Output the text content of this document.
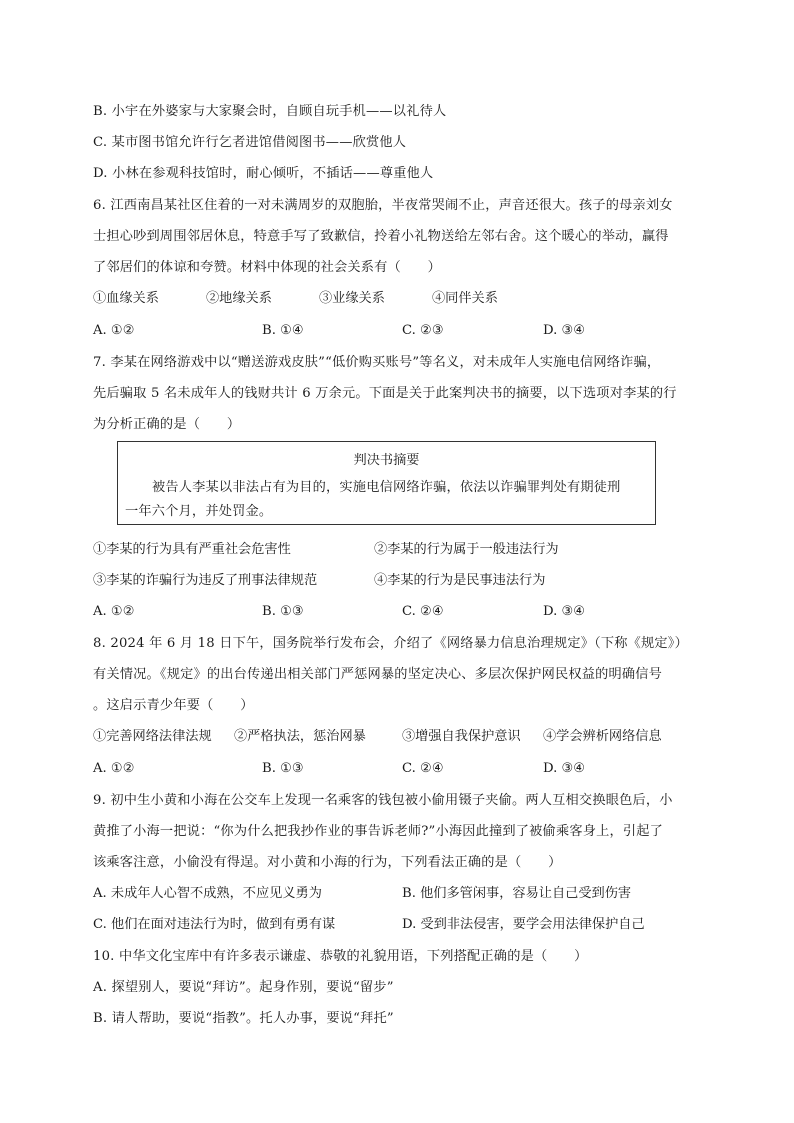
B. 小宇在外婆家与大家聚会时，自顾自玩手机——以礼待人
C. 某市图书馆允许行乞者进馆借阅图书——欣赏他人
D. 小林在参观科技馆时，耐心倾听，不插话——尊重他人
6. 江西南昌某社区住着的一对未满周岁的双胞胎，半夜常哭闹不止，声音还很大。孩子的母亲刘女
士担心吵到周围邻居休息，特意手写了致歉信，拎着小礼物送给左邻右舍。这个暖心的举动，赢得
了邻居们的体谅和夸赞。材料中体现的社会关系有（　　）
①血缘关系	②地缘关系	③业缘关系	④同伴关系
A. ①②	B. ①④	C. ②③	D. ③④
7. 李某在网络游戏中以“赠送游戏皮肤”“低价购买账号”等名义，对未成年人实施电信网络诈骗，
先后骗取 5 名未成年人的钱财共计 6 万余元。下面是关于此案判决书的摘要，以下选项对李某的行
为分析正确的是（　　）
判决书摘要
被告人李某以非法占有为目的，实施电信网络诈骗，依法以诈骗罪判处有期徒刑
一年六个月，并处罚金。
①李某的行为具有严重社会危害性	②李某的行为属于一般违法行为
③李某的诈骗行为违反了刑事法律规范	④李某的行为是民事违法行为
A. ①②	B. ①③	C. ②④	D. ③④
8. 2024 年 6 月 18 日下午，国务院举行发布会，介绍了《网络暴力信息治理规定》（下称《规定》）
有关情况。《规定》的出台传递出相关部门严惩网暴的坚定决心、多层次保护网民权益的明确信号
。这启示青少年要（　　）
①完善网络法律法规 ②严格执法，惩治网暴	③增强自我保护意识 ④学会辨析网络信息
A. ①②	B. ①③	C. ②④	D. ③④
9. 初中生小黄和小海在公交车上发现一名乘客的钱包被小偷用镊子夹偷。两人互相交换眼色后，小
黄推了小海一把说：“你为什么把我抄作业的事告诉老师?”小海因此撞到了被偷乘客身上，引起了
该乘客注意，小偷没有得逞。对小黄和小海的行为，下列看法正确的是（　　）
A. 未成年人心智不成熟，不应见义勇为	B. 他们多管闲事，容易让自己受到伤害
C. 他们在面对违法行为时，做到有勇有谋	D. 受到非法侵害，要学会用法律保护自己
10. 中华文化宝库中有许多表示谦虚、恭敬的礼貌用语，下列搭配正确的是（　　）
A. 探望别人，要说“拜访”。起身作别，要说“留步”
B. 请人帮助，要说“指教”。托人办事，要说“拜托”
